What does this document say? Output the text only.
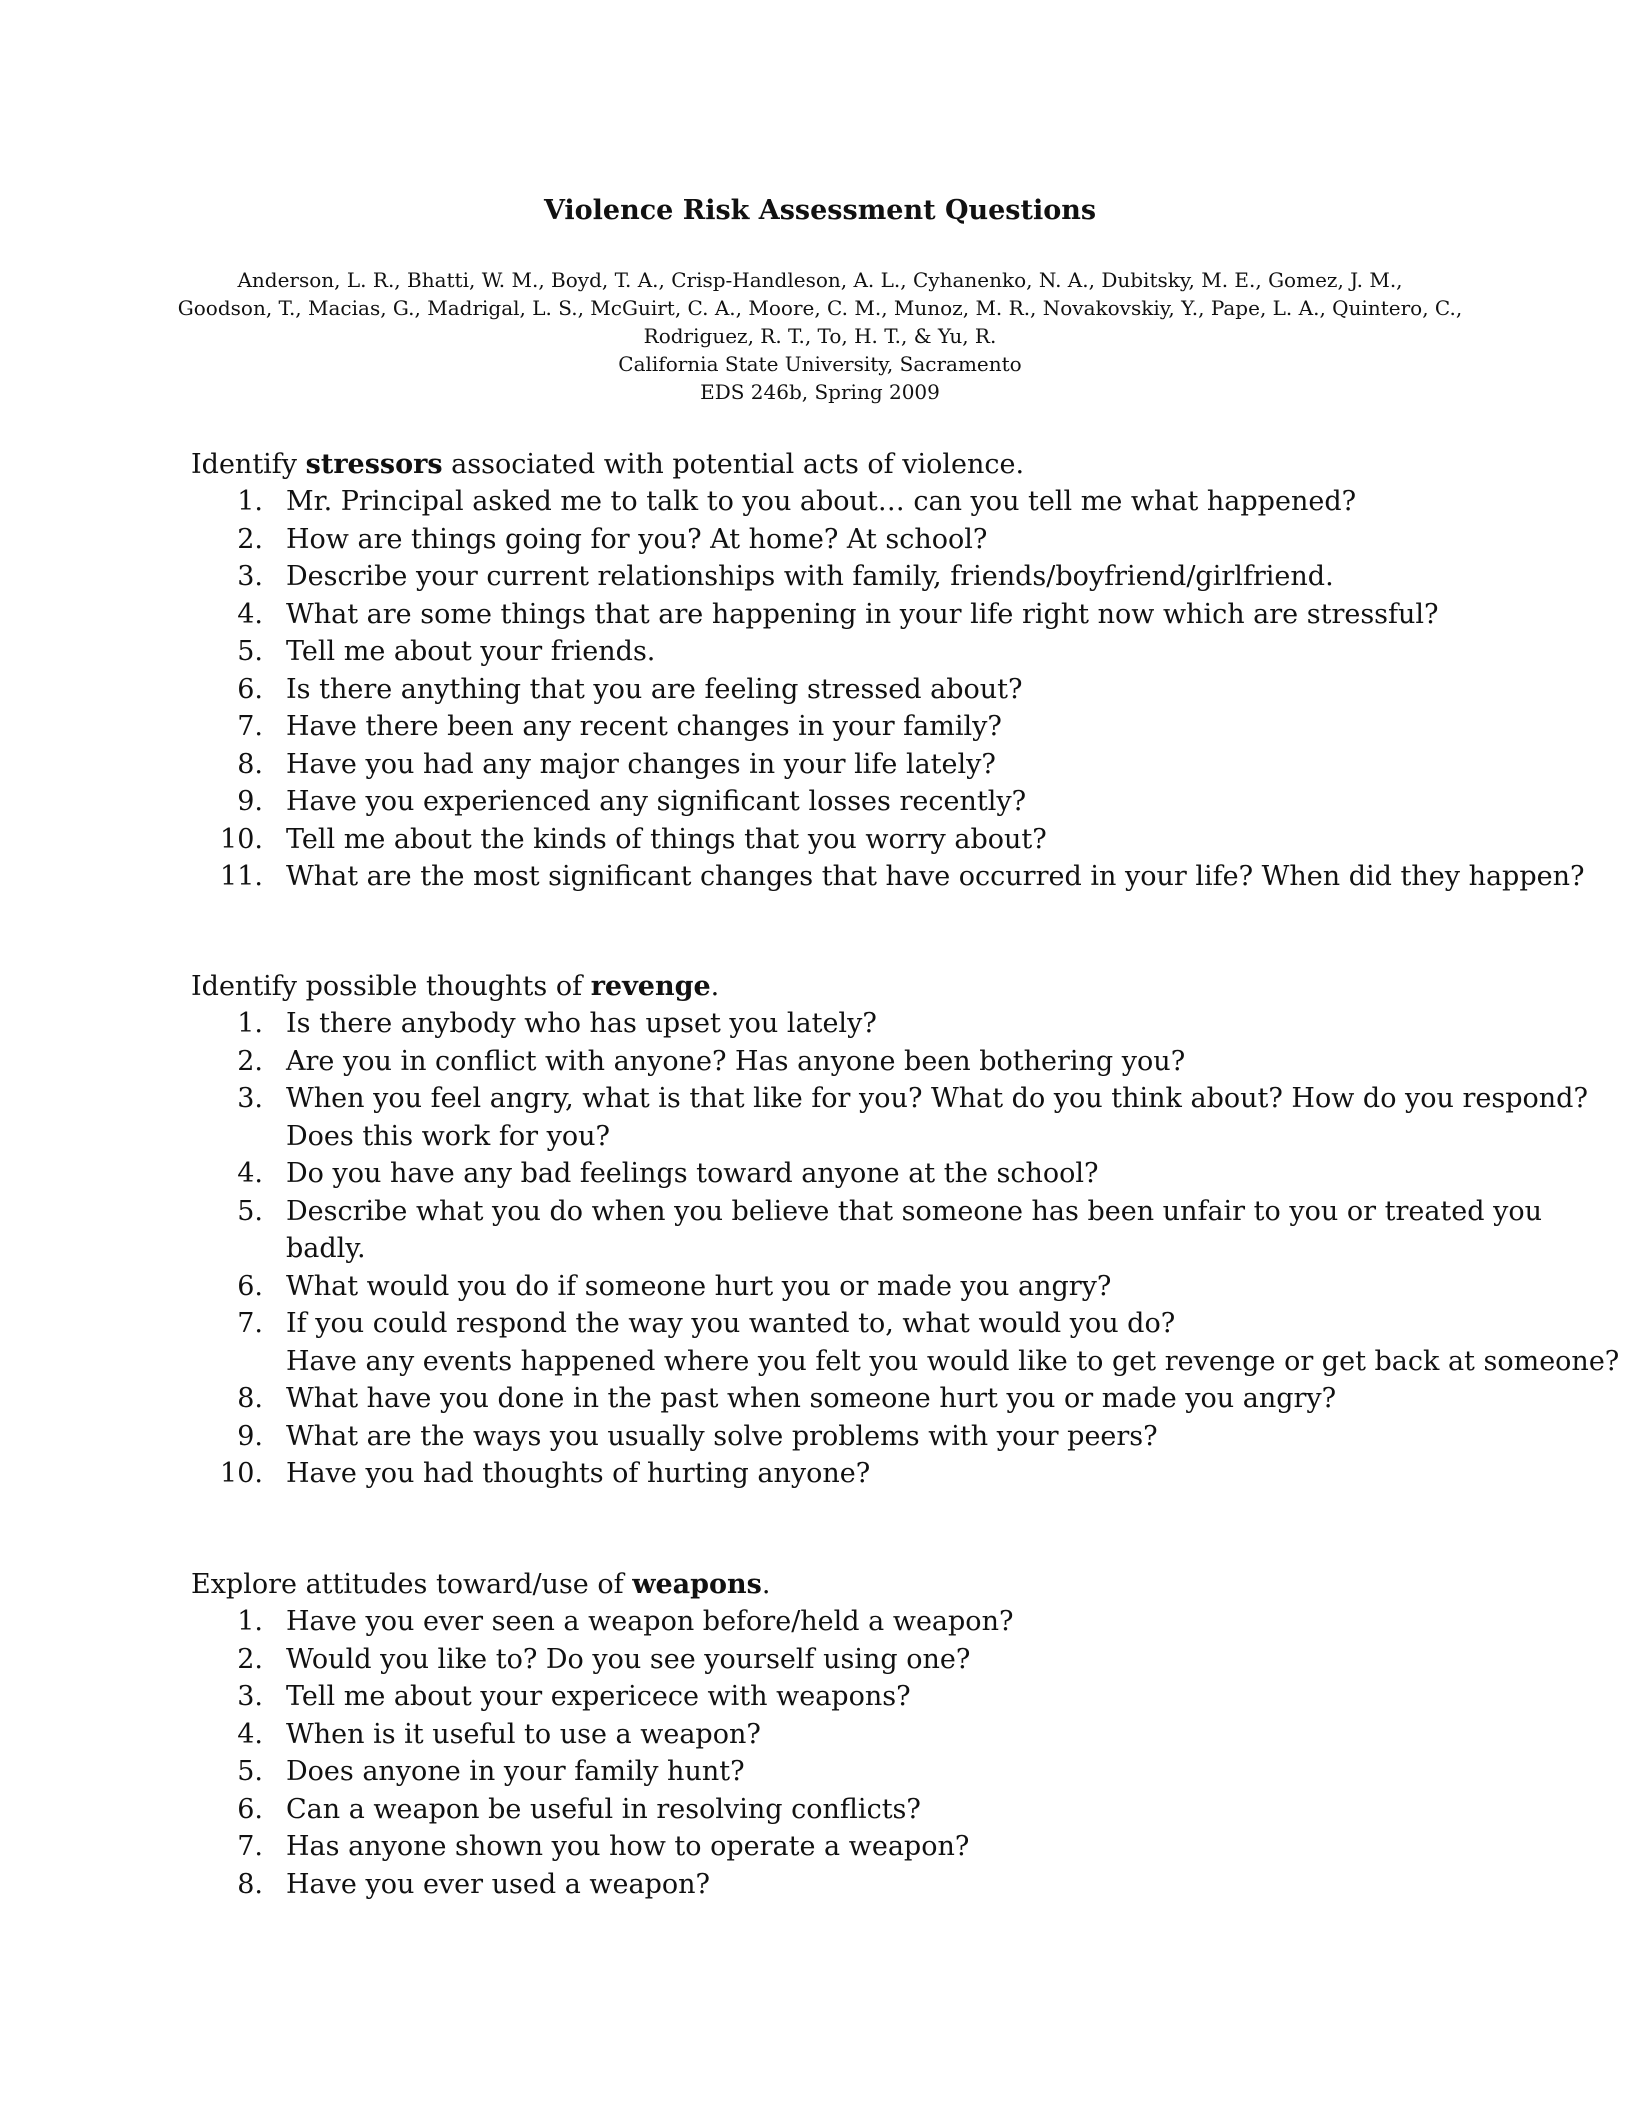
Violence Risk Assessment Questions
Anderson, L. R., Bhatti, W. M., Boyd, T. A., Crisp-Handleson, A. L., Cyhanenko, N. A., Dubitsky, M. E., Gomez, J. M.,
Goodson, T., Macias, G., Madrigal, L. S., McGuirt, C. A., Moore, C. M., Munoz, M. R., Novakovskiy, Y., Pape, L. A., Quintero, C.,
Rodriguez, R. T., To, H. T., & Yu, R.
California State University, Sacramento
EDS 246b, Spring 2009
Identify stressors associated with potential acts of violence.
1. Mr. Principal asked me to talk to you about… can you tell me what happened?
2. How are things going for you? At home? At school?
3. Describe your current relationships with family, friends/boyfriend/girlfriend.
4. What are some things that are happening in your life right now which are stressful?
5. Tell me about your friends.
6. Is there anything that you are feeling stressed about?
7. Have there been any recent changes in your family?
8. Have you had any major changes in your life lately?
9. Have you experienced any significant losses recently?
10. Tell me about the kinds of things that you worry about?
11. What are the most significant changes that have occurred in your life? When did they happen?
Identify possible thoughts of revenge.
1. Is there anybody who has upset you lately?
2. Are you in conflict with anyone? Has anyone been bothering you?
3. When you feel angry, what is that like for you? What do you think about? How do you respond? Does this work for you?
4. Do you have any bad feelings toward anyone at the school?
5. Describe what you do when you believe that someone has been unfair to you or treated you badly.
6. What would you do if someone hurt you or made you angry?
7. If you could respond the way you wanted to, what would you do?
Have any events happened where you felt you would like to get revenge or get back at someone?
8. What have you done in the past when someone hurt you or made you angry?
9. What are the ways you usually solve problems with your peers?
10. Have you had thoughts of hurting anyone?
Explore attitudes toward/use of weapons.
1. Have you ever seen a weapon before/held a weapon?
2. Would you like to? Do you see yourself using one?
3. Tell me about your expericece with weapons?
4. When is it useful to use a weapon?
5. Does anyone in your family hunt?
6. Can a weapon be useful in resolving conflicts?
7. Has anyone shown you how to operate a weapon?
8. Have you ever used a weapon?
